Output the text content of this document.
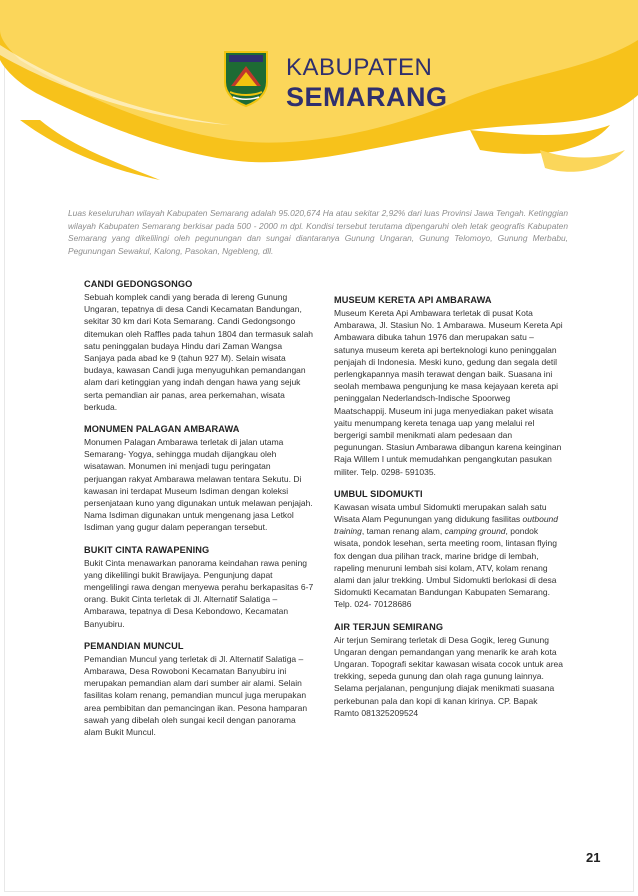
KABUPATEN
SEMARANG
Luas keseluruhan wilayah Kabupaten Semarang adalah 95.020,674 Ha atau sekitar 2,92% dari luas Provinsi Jawa Tengah. Ketinggian wilayah Kabupaten Semarang berkisar pada 500 - 2000 m dpl. Kondisi tersebut terutama dipengaruhi oleh letak geografis Kabupaten Semarang yang dikelilingi oleh pegunungan dan sungai diantaranya Gunung Ungaran, Gunung Telomoyo, Gunung Merbabu, Pegunungan Sewakul, Kalong, Pasokan, Ngebleng, dll.
CANDI GEDONGSONGO

Sebuah komplek candi yang berada di lereng Gunung Ungaran, tepatnya di desa Candi Kecamatan Bandungan, sekitar 30 km dari Kota Semarang. Candi Gedongsongo ditemukan oleh Raffles pada tahun 1804 dan termasuk salah satu peninggalan budaya Hindu dari Zaman Wangsa Sanjaya pada abad ke 9 (tahun 927 M). Selain wisata budaya, kawasan Candi juga menyuguhkan pemandangan alam dari ketinggian yang indah dengan hawa yang sejuk serta pemandian air panas, area perkemahan, wisata berkuda.

MONUMEN PALAGAN AMBARAWA

Monumen Palagan Ambarawa terletak di jalan utama Semarang- Yogya, sehingga mudah dijangkau oleh wisatawan. Monumen ini menjadi tugu peringatan perjuangan rakyat Ambarawa melawan tentara Sekutu. Di kawasan ini terdapat Museum Isdiman dengan koleksi persenjataan kuno yang digunakan untuk melawan penjajah. Nama Isdiman digunakan untuk mengenang jasa Letkol Isdiman yang gugur dalam peperangan tersebut.

BUKIT CINTA RAWAPENING

Bukit Cinta menawarkan panorama keindahan rawa pening yang dikelilingi bukit Brawijaya. Pengunjung dapat mengelilingi rawa dengan menyewa perahu berkapasitas 6-7 orang. Bukit Cinta terletak di Jl. Alternatif Salatiga – Ambarawa, tepatnya di Desa Kebondowo, Kecamatan Banyubiru.

PEMANDIAN MUNCUL

Pemandian Muncul yang terletak di Jl. Alternatif Salatiga – Ambarawa, Desa Rowoboni Kecamatan Banyubiru ini merupakan pemandian alam dari sumber air alami. Selain fasilitas kolam renang, pemandian muncul juga merupakan area pembibitan dan pemancingan ikan. Pesona hamparan sawah yang dibelah oleh sungai kecil dengan panorama alam Bukit Muncul.

MUSEUM KERETA API AMBARAWA

Museum Kereta Api Ambawara terletak di pusat Kota Ambarawa, Jl. Stasiun No. 1 Ambarawa. Museum Kereta Api Ambawara dibuka tahun 1976 dan merupakan satu – satunya museum kereta api berteknologi kuno peninggalan penjajah di Indonesia. Meski kuno, gedung dan segala detil perlengkapannya masih terawat dengan baik. Suasana ini seolah membawa pengunjung ke masa kejayaan kereta api peninggalan Nederlandsch-Indische Spoorweg Maatschappij. Museum ini juga menyediakan paket wisata yaitu menumpang kereta tenaga uap yang melalui rel bergerigi sambil menikmati alam pedesaan dan pegunungan. Stasiun Ambarawa dibangun karena keinginan Raja Willem I untuk memudahkan pengangkutan pasukan militer. Telp. 0298- 591035.

UMBUL SIDOMUKTI

Kawasan wisata umbul Sidomukti merupakan salah satu Wisata Alam Pegunungan yang didukung fasilitas outbound training, taman renang alam, camping ground, pondok wisata, pondok lesehan, serta meeting room, lintasan flying fox dengan dua pilihan track, marine bridge di lembah, rapeling menuruni lembah sisi kolam, ATV, kolam renang alami dan jalur trekking. Umbul Sidomukti berlokasi di desa Sidomukti Kecamatan Bandungan Kabupaten Semarang. Telp. 024- 70128686

AIR TERJUN SEMIRANG

Air terjun Semirang terletak di Desa Gogik, lereg Gunung Ungaran dengan pemandangan yang menarik ke arah kota Ungaran. Topografi sekitar kawasan wisata cocok untuk area trekking, sepeda gunung dan olah raga gunung lainnya. Selama perjalanan, pengunjung diajak menikmati suasana perkebunan pala dan kopi di kanan kirinya. CP. Bapak Ramto 081325209524

21
